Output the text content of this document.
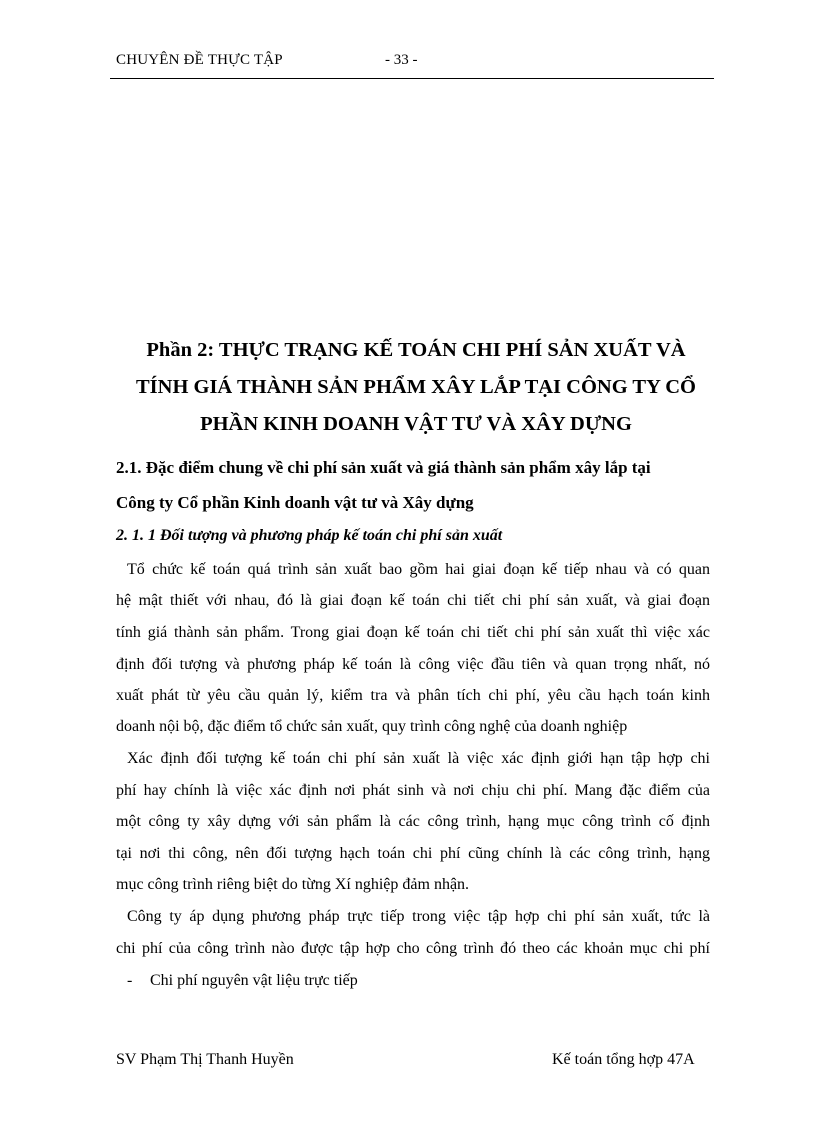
CHUYÊN ĐỀ THỰC TẬP	- 33 -
Phần 2: THỰC TRẠNG KẾ TOÁN CHI PHÍ SẢN XUẤT VÀ
TÍNH GIÁ THÀNH SẢN PHẨM XÂY LẮP TẠI CÔNG TY CỔ
PHẦN KINH DOANH VẬT TƯ VÀ XÂY DỰNG
2.1. Đặc điểm chung về chi phí sản xuất và giá thành sản phẩm xây lắp tại
Công ty Cổ phần Kinh doanh vật tư và Xây dựng
2. 1. 1 Đối tượng và phương pháp kế toán chi phí sản xuất
Tổ chức kế toán quá trình sản xuất bao gồm hai giai đoạn kế tiếp nhau và có quan
hệ mật thiết với nhau, đó là giai đoạn kế toán chi tiết chi phí sản xuất, và giai đoạn
tính giá thành sản phẩm. Trong giai đoạn kế toán chi tiết chi phí sản xuất thì việc xác
định đối tượng và phương pháp kế toán là công việc đầu tiên và quan trọng nhất, nó
xuất phát từ yêu cầu quản lý, kiểm tra và phân tích chi phí, yêu cầu hạch toán kinh
doanh nội bộ, đặc điểm tổ chức sản xuất, quy trình công nghệ của doanh nghiệp
Xác định đối tượng kế toán chi phí sản xuất là việc xác định giới hạn tập hợp chi
phí hay chính là việc xác định nơi phát sinh và nơi chịu chi phí. Mang đặc điểm của
một công ty xây dựng với sản phẩm là các công trình, hạng mục công trình cố định
tại nơi thi công, nên đối tượng hạch toán chi phí cũng chính là các công trình, hạng
mục công trình riêng biệt do từng Xí nghiệp đảm nhận.
Công ty áp dụng phương pháp trực tiếp trong việc tập hợp chi phí sản xuất, tức là
chi phí của công trình nào được tập hợp cho công trình đó theo các khoản mục chi phí
- Chi phí nguyên vật liệu trực tiếp
SV Phạm Thị Thanh Huyền	Kế toán tổng hợp 47A
